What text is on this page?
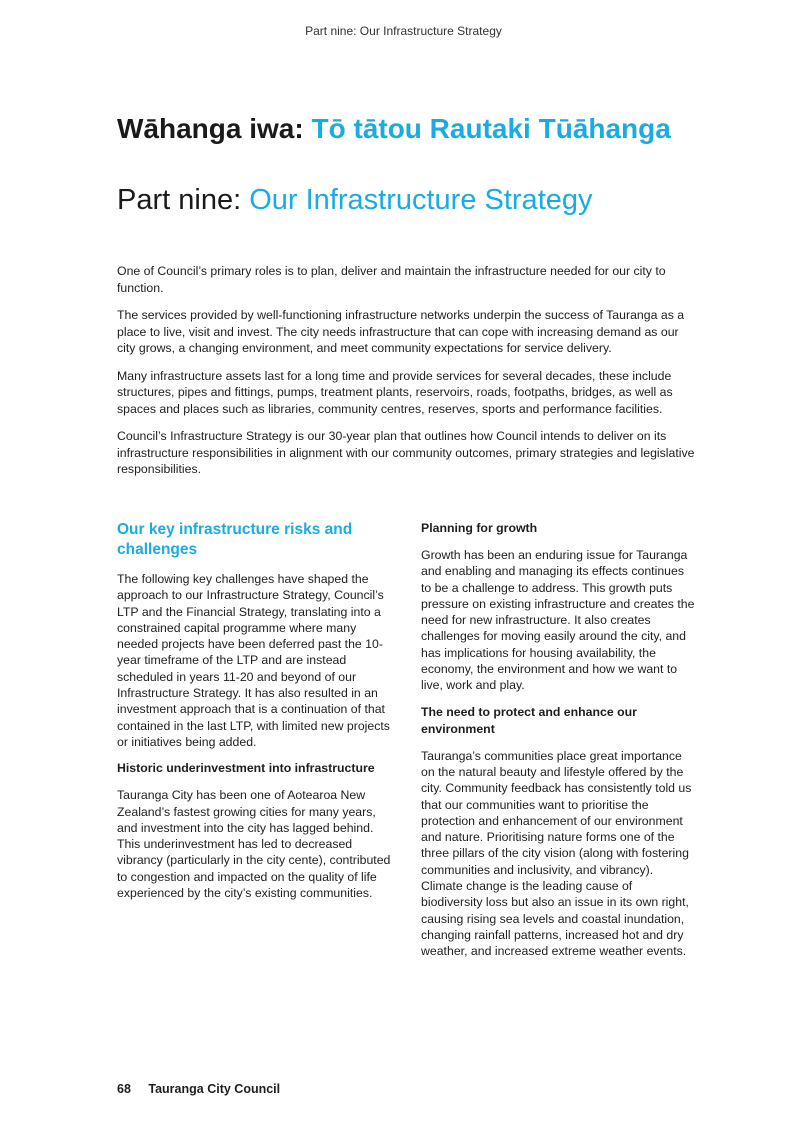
Part nine: Our Infrastructure Strategy
Wāhanga iwa: Tō tātou Rautaki Tūāhanga
Part nine: Our Infrastructure Strategy

One of Council’s primary roles is to plan, deliver and maintain the infrastructure needed for our city to function.

The services provided by well-functioning infrastructure networks underpin the success of Tauranga as a place to live, visit and invest. The city needs infrastructure that can cope with increasing demand as our city grows, a changing environment, and meet community expectations for service delivery.

Many infrastructure assets last for a long time and provide services for several decades, these include structures, pipes and fittings, pumps, treatment plants, reservoirs, roads, footpaths, bridges, as well as spaces and places such as libraries, community centres, reserves, sports and performance facilities.

Council’s Infrastructure Strategy is our 30-year plan that outlines how Council intends to deliver on its infrastructure responsibilities in alignment with our community outcomes, primary strategies and legislative responsibilities.

Our key infrastructure risks and challenges

The following key challenges have shaped the approach to our Infrastructure Strategy, Council’s LTP and the Financial Strategy, translating into a constrained capital programme where many needed projects have been deferred past the 10-year timeframe of the LTP and are instead scheduled in years 11-20 and beyond of our Infrastructure Strategy. It has also resulted in an investment approach that is a continuation of that contained in the last LTP, with limited new projects or initiatives being added.

Historic underinvestment into infrastructure

Tauranga City has been one of Aotearoa New Zealand’s fastest growing cities for many years, and investment into the city has lagged behind. This underinvestment has led to decreased vibrancy (particularly in the city cente), contributed to congestion and impacted on the quality of life experienced by the city’s existing communities.

Planning for growth

Growth has been an enduring issue for Tauranga and enabling and managing its effects continues to be a challenge to address. This growth puts pressure on existing infrastructure and creates the need for new infrastructure. It also creates challenges for moving easily around the city, and has implications for housing availability, the economy, the environment and how we want to live, work and play.

The need to protect and enhance our environment

Tauranga’s communities place great importance on the natural beauty and lifestyle offered by the city. Community feedback has consistently told us that our communities want to prioritise the protection and enhancement of our environment and nature. Prioritising nature forms one of the three pillars of the city vision (along with fostering communities and inclusivity, and vibrancy). Climate change is the leading cause of biodiversity loss but also an issue in its own right, causing rising sea levels and coastal inundation, changing rainfall patterns, increased hot and dry weather, and increased extreme weather events.

68 Tauranga City Council
